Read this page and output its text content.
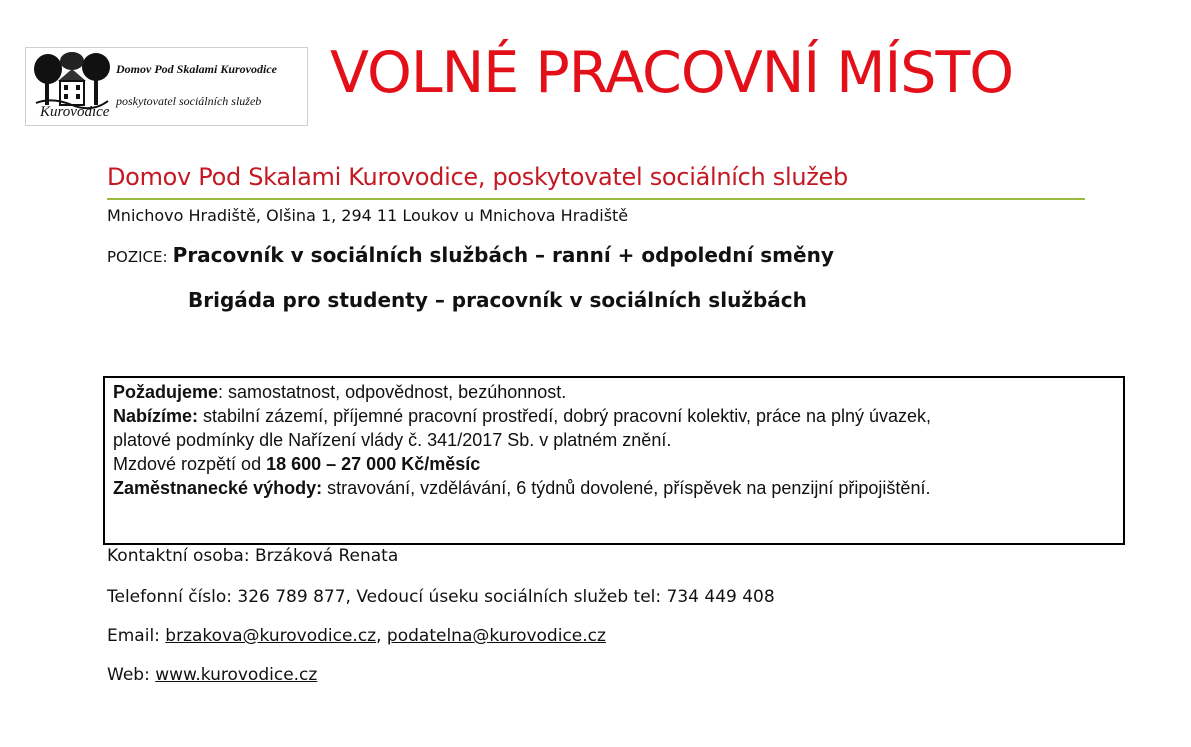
Kurovodice
Domov Pod Skalami Kurovodice
poskytovatel sociálních služeb VOLNÉ PRACOVNÍ MÍSTO
Domov Pod Skalami Kurovodice, poskytovatel sociálních služeb
Mnichovo Hradiště, Olšina 1, 294 11 Loukov u Mnichova Hradiště
POZICE: Pracovník v sociálních službách – ranní + odpolední směny
Brigáda pro studenty – pracovník v sociálních službách
Požadujeme: samostatnost, odpovědnost, bezúhonnost.
Nabízíme: stabilní zázemí, příjemné pracovní prostředí, dobrý pracovní kolektiv, práce na plný úvazek,
platové podmínky dle Nařízení vlády č. 341/2017 Sb. v platném znění.
Mzdové rozpětí od 18 600 – 27 000 Kč/měsíc
Zaměstnanecké výhody: stravování, vzdělávání, 6 týdnů dovolené, příspěvek na penzijní připojištění.
Kontaktní osoba: Brzáková Renata
Telefonní číslo: 326 789 877, Vedoucí úseku sociálních služeb tel: 734 449 408
Email: brzakova@kurovodice.cz, podatelna@kurovodice.cz
Web: www.kurovodice.cz
